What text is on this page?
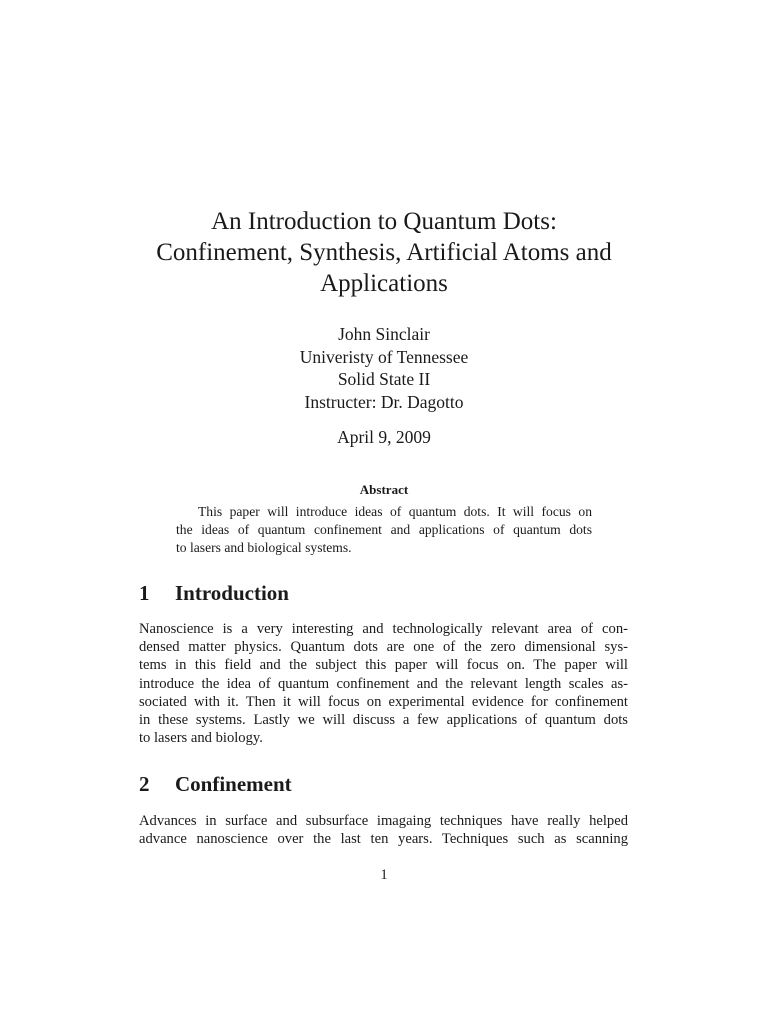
An Introduction to Quantum Dots:
Confinement, Synthesis, Artificial Atoms and
Applications
John Sinclair
Univeristy of Tennessee
Solid State II
Instructer: Dr. Dagotto
April 9, 2009
Abstract
This paper will introduce ideas of quantum dots. It will focus on
the ideas of quantum confinement and applications of quantum dots
to lasers and biological systems.
1 Introduction
Nanoscience is a very interesting and technologically relevant area of con-
densed matter physics. Quantum dots are one of the zero dimensional sys-
tems in this field and the subject this paper will focus on. The paper will
introduce the idea of quantum confinement and the relevant length scales as-
sociated with it. Then it will focus on experimental evidence for confinement
in these systems. Lastly we will discuss a few applications of quantum dots
to lasers and biology.
2 Confinement
Advances in surface and subsurface imagaing techniques have really helped
advance nanoscience over the last ten years. Techniques such as scanning
1
